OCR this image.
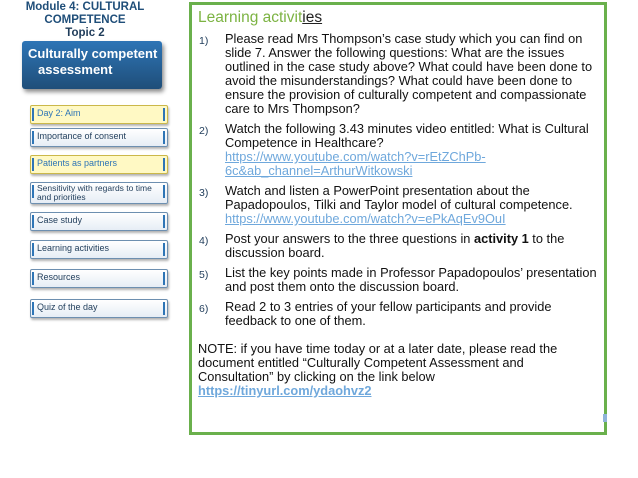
Module 4: CULTURAL COMPETENCE
Topic 2
Culturally competent
assessment
Day 2: Aim
Importance of consent
Patients as partners
Sensitivity with regards to time and priorities
Case study
Learning activities
Resources
Quiz of the day
Learning activities
1) Please read Mrs Thompson’s case study which you can find on slide 7. Answer the following questions: What are the issues outlined in the case study above? What could have been done to avoid the misunderstandings? What could have been done to ensure the provision of culturally competent and compassionate care to Mrs Thompson?
2) Watch the following 3.43 minutes video entitled: What is Cultural Competence in Healthcare?
https://www.youtube.com/watch?v=rEtZChPb-6c&ab_channel=ArthurWitkowski
3) Watch and listen a PowerPoint presentation about the Papadopoulos, Tilki and Taylor model of cultural competence.
https://www.youtube.com/watch?v=ePkAqEv9OuI
4) Post your answers to the three questions in activity 1 to the discussion board.
5) List the key points made in Professor Papadopoulos’ presentation and post them onto the discussion board.
6) Read 2 to 3 entries of your fellow participants and provide feedback to one of them.
NOTE: if you have time today or at a later date, please read the document entitled “Culturally Competent Assessment and Consultation” by clicking on the link below
https://tinyurl.com/ydaohvz2
